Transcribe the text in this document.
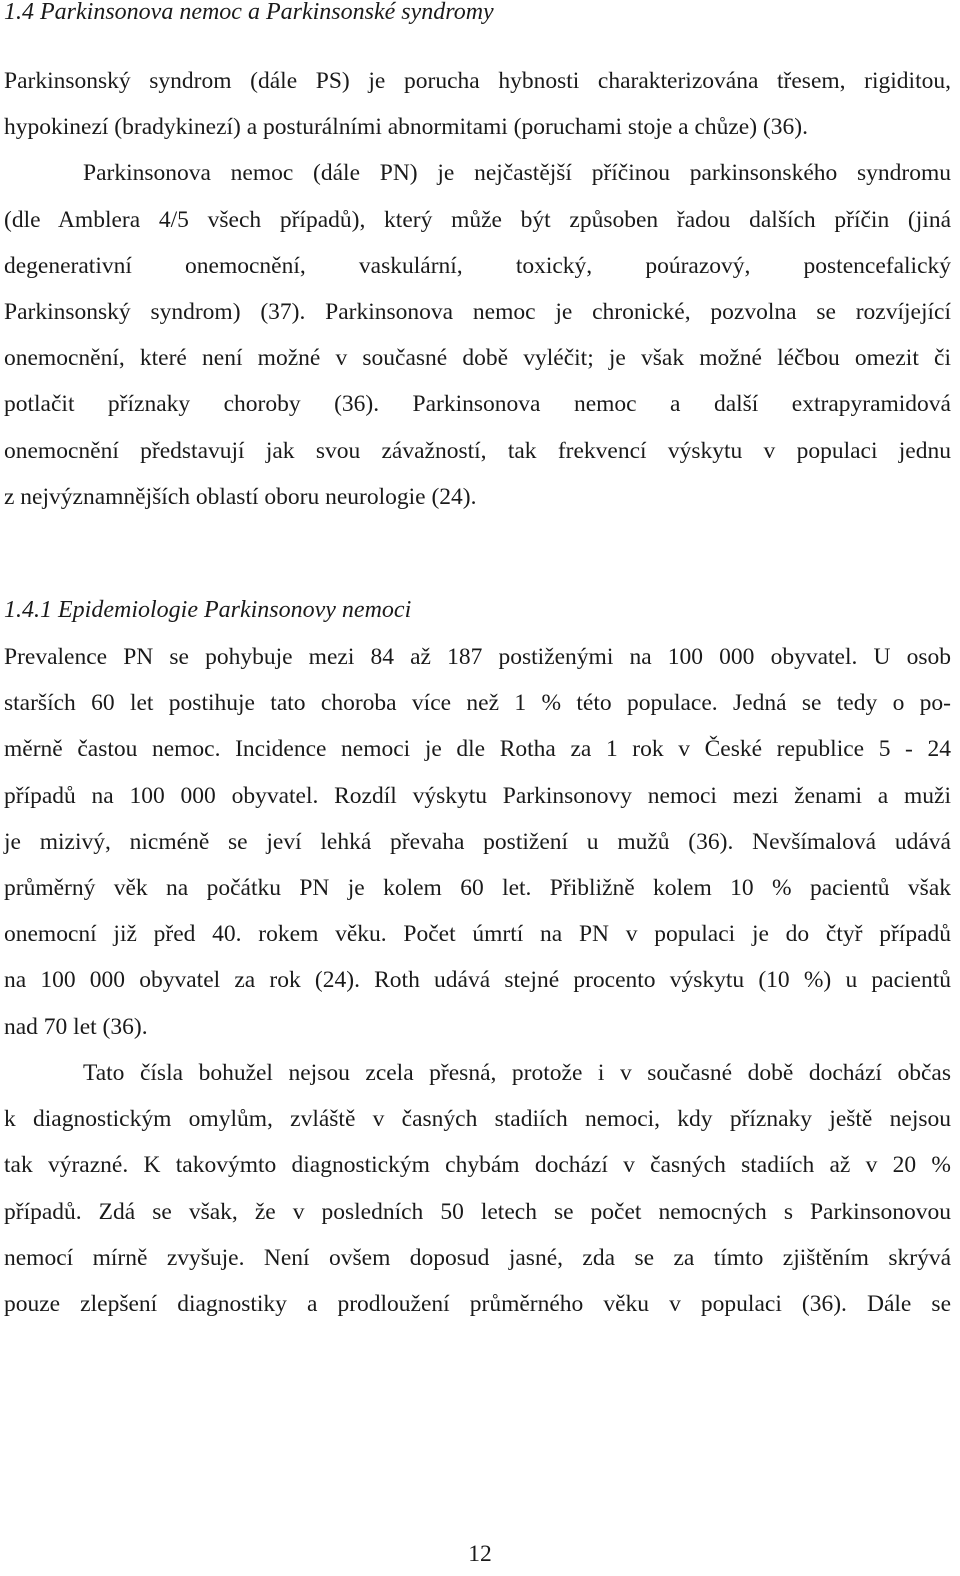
1.4 Parkinsonova nemoc a Parkinsonské syndromy
Parkinsonský syndrom (dále PS) je porucha hybnosti charakterizována třesem, rigiditou,
hypokinezí (bradykinezí) a posturálními abnormitami (poruchami stoje a chůze) (36).
Parkinsonova nemoc (dále PN) je nejčastější příčinou parkinsonského syndromu
(dle Amblera 4/5 všech případů), který může být způsoben řadou dalších příčin (jiná
degenerativní onemocnění, vaskulární, toxický, poúrazový, postencefalický
Parkinsonský syndrom) (37). Parkinsonova nemoc je chronické, pozvolna se rozvíjející
onemocnění, které není možné v současné době vyléčit; je však možné léčbou omezit či
potlačit příznaky choroby (36). Parkinsonova nemoc a další extrapyramidová
onemocnění představují jak svou závažností, tak frekvencí výskytu v populaci jednu
z nejvýznamnějších oblastí oboru neurologie (24).
1.4.1 Epidemiologie Parkinsonovy nemoci
Prevalence PN se pohybuje mezi 84 až 187 postiženými na 100 000 obyvatel. U osob
starších 60 let postihuje tato choroba více než 1 % této populace. Jedná se tedy o po-
měrně častou nemoc. Incidence nemoci je dle Rotha za 1 rok v České republice 5 - 24
případů na 100 000 obyvatel. Rozdíl výskytu Parkinsonovy nemoci mezi ženami a muži
je mizivý, nicméně se jeví lehká převaha postižení u mužů (36). Nevšímalová udává
průměrný věk na počátku PN je kolem 60 let. Přibližně kolem 10 % pacientů však
onemocní již před 40. rokem věku. Počet úmrtí na PN v populaci je do čtyř případů
na 100 000 obyvatel za rok (24). Roth udává stejné procento výskytu (10 %) u pacientů
nad 70 let (36).
Tato čísla bohužel nejsou zcela přesná, protože i v současné době dochází občas
k diagnostickým omylům, zvláště v časných stadiích nemoci, kdy příznaky ještě nejsou
tak výrazné. K takovýmto diagnostickým chybám dochází v časných stadiích až v 20 %
případů. Zdá se však, že v posledních 50 letech se počet nemocných s Parkinsonovou
nemocí mírně zvyšuje. Není ovšem doposud jasné, zda se za tímto zjištěním skrývá
pouze zlepšení diagnostiky a prodloužení průměrného věku v populaci (36). Dále se
12
